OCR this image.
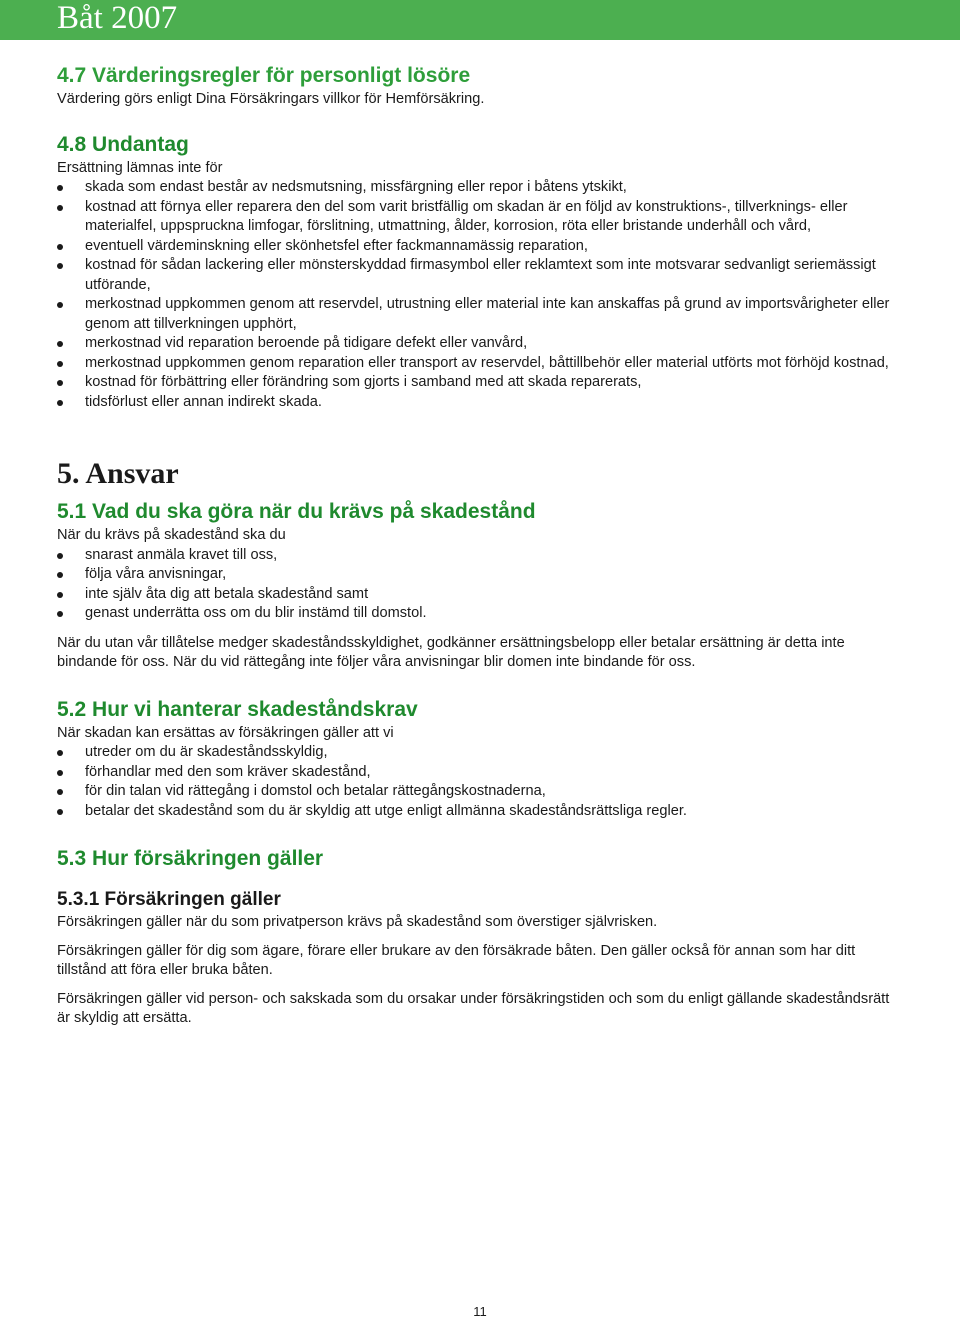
Båt 2007
4.7 Värderingsregler för personligt lösöre

Värdering görs enligt Dina Försäkringars villkor för Hemförsäkring.

4.8 Undantag

Ersättning lämnas inte för

skada som endast består av nedsmutsning, missfärgning eller repor i båtens ytskikt,
kostnad att förnya eller reparera den del som varit bristfällig om skadan är en följd av konstruktions-, tillverknings- eller materialfel, uppspruckna limfogar, förslitning, utmattning, ålder, korrosion, röta eller bristande underhåll och vård,
eventuell värdeminskning eller skönhetsfel efter fackmannamässig reparation,
kostnad för sådan lackering eller mönsterskyddad firmasymbol eller reklamtext som inte motsvarar sedvanligt seriemässigt utförande,
merkostnad uppkommen genom att reservdel, utrustning eller material inte kan anskaffas på grund av importsvårigheter eller genom att tillverkningen upphört,
merkostnad vid reparation beroende på tidigare defekt eller vanvård,
merkostnad uppkommen genom reparation eller transport av reservdel, båttillbehör eller material utförts mot förhöjd kostnad,
kostnad för förbättring eller förändring som gjorts i samband med att skada reparerats,
tidsförlust eller annan indirekt skada.
5. Ansvar
5.1 Vad du ska göra när du krävs på skadestånd

När du krävs på skadestånd ska du

snarast anmäla kravet till oss,
följa våra anvisningar,
inte själv åta dig att betala skadestånd samt
genast underrätta oss om du blir instämd till domstol.

När du utan vår tillåtelse medger skadeståndsskyldighet, godkänner ersättningsbelopp eller betalar ersättning är detta inte bindande för oss. När du vid rättegång inte följer våra anvisningar blir domen inte bindande för oss.

5.2 Hur vi hanterar skadeståndskrav

När skadan kan ersättas av försäkringen gäller att vi

utreder om du är skadeståndsskyldig,
förhandlar med den som kräver skadestånd,
för din talan vid rättegång i domstol och betalar rättegångskostnaderna,
betalar det skadestånd som du är skyldig att utge enligt allmänna skadeståndsrättsliga regler.
5.3 Hur försäkringen gäller
5.3.1 Försäkringen gäller

Försäkringen gäller när du som privatperson krävs på skadestånd som överstiger självrisken.

Försäkringen gäller för dig som ägare, förare eller brukare av den försäkrade båten. Den gäller också för annan som har ditt tillstånd att föra eller bruka båten.

Försäkringen gäller vid person- och sakskada som du orsakar under försäkringstiden och som du enligt gällande skadeståndsrätt är skyldig att ersätta.

11
